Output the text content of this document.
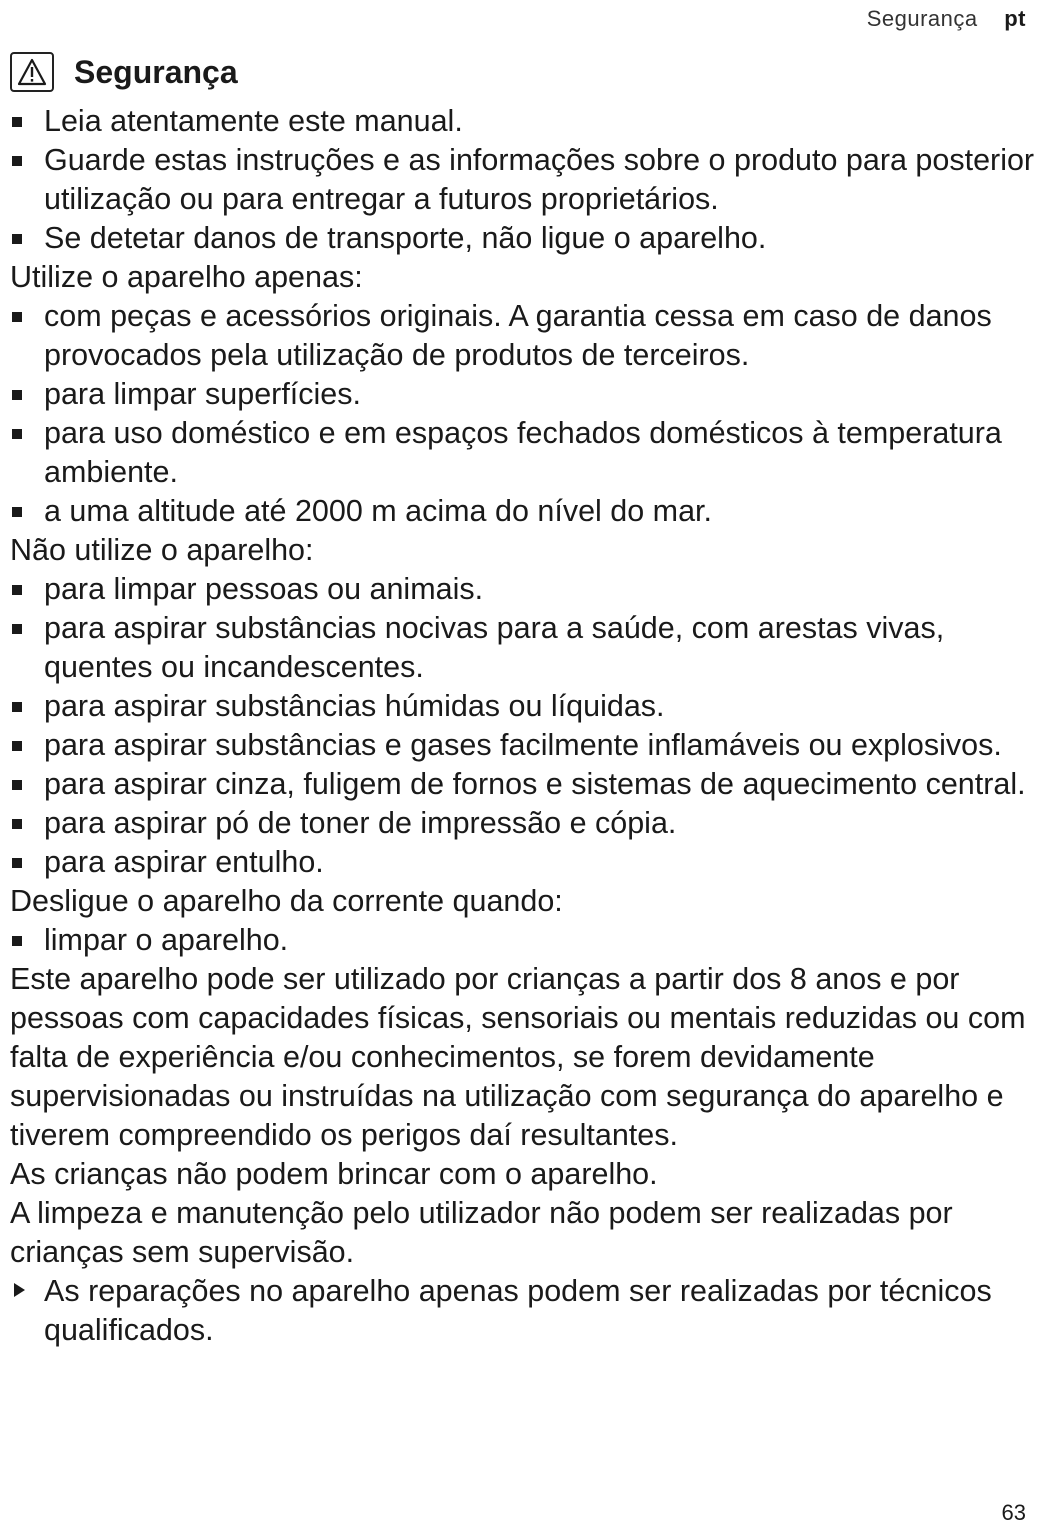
Segurança pt
Segurança
Leia atentamente este manual.
Guarde estas instruções e as informações sobre o produto para posterior utilização ou para entregar a futuros proprietários.
Se detetar danos de transporte, não ligue o aparelho.
Utilize o aparelho apenas:
com peças e acessórios originais. A garantia cessa em caso de danos provocados pela utilização de produtos de terceiros.
para limpar superfícies.
para uso doméstico e em espaços fechados domésticos à temperatura ambiente.
a uma altitude até 2000 m acima do nível do mar.
Não utilize o aparelho:
para limpar pessoas ou animais.
para aspirar substâncias nocivas para a saúde, com arestas vivas, quentes ou incandescentes.
para aspirar substâncias húmidas ou líquidas.
para aspirar substâncias e gases facilmente inflamáveis ou explosivos.
para aspirar cinza, fuligem de fornos e sistemas de aquecimento central.
para aspirar pó de toner de impressão e cópia.
para aspirar entulho.
Desligue o aparelho da corrente quando:
limpar o aparelho.
Este aparelho pode ser utilizado por crianças a partir dos 8 anos e por pessoas com capacidades físicas, sensoriais ou mentais reduzidas ou com falta de experiência e/ou conhecimentos, se forem devidamente supervisionadas ou instruídas na utilização com segurança do aparelho e tiverem compreendido os perigos daí resultantes.
As crianças não podem brincar com o aparelho.
A limpeza e manutenção pelo utilizador não podem ser realizadas por crianças sem supervisão.
As reparações no aparelho apenas podem ser realizadas por técnicos qualificados.
63
